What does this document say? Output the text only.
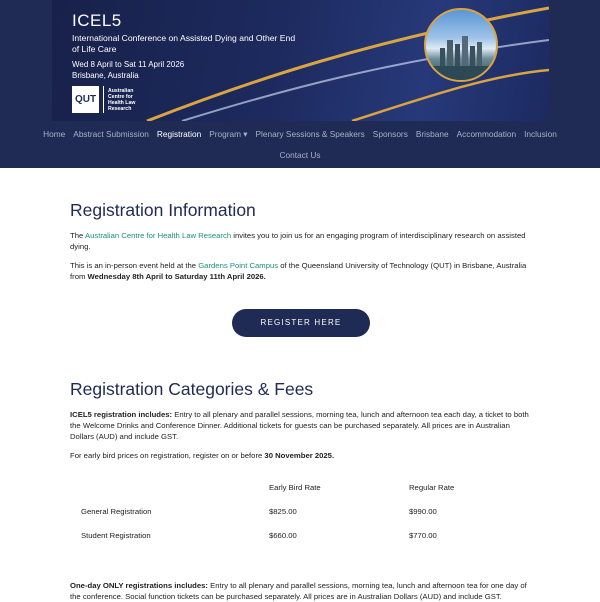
ICEL5
International Conference on Assisted Dying and Other End of Life Care
Wed 8 April to Sat 11 April 2026
Brisbane, Australia
QUT
Australian Centre for Health Law Research
Home Abstract Submission Registration Program ▾ Plenary Sessions & Speakers Sponsors Brisbane Accommodation Inclusion
Contact Us
Registration Information

The Australian Centre for Health Law Research invites you to join us for an engaging program of interdisciplinary research on assisted dying.

This is an in-person event held at the Gardens Point Campus of the Queensland University of Technology (QUT) in Brisbane, Australia from Wednesday 8th April to Saturday 11th April 2026.

REGISTER HERE
Registration Categories & Fees

ICEL5 registration includes: Entry to all plenary and parallel sessions, morning tea, lunch and afternoon tea each day, a ticket to both the Welcome Drinks and Conference Dinner. Additional tickets for guests can be purchased separately. All prices are in Australian Dollars (AUD) and include GST.

For early bird prices on registration, register on or before 30 November 2025.

	Early Bird Rate	Regular Rate
General Registration	$825.00	$990.00
Student Registration	$660.00	$770.00

One-day ONLY registrations includes: Entry to all plenary and parallel sessions, morning tea, lunch and afternoon tea for one day of the conference. Social function tickets can be purchased separately. All prices are in Australian Dollars (AUD) and include GST.
